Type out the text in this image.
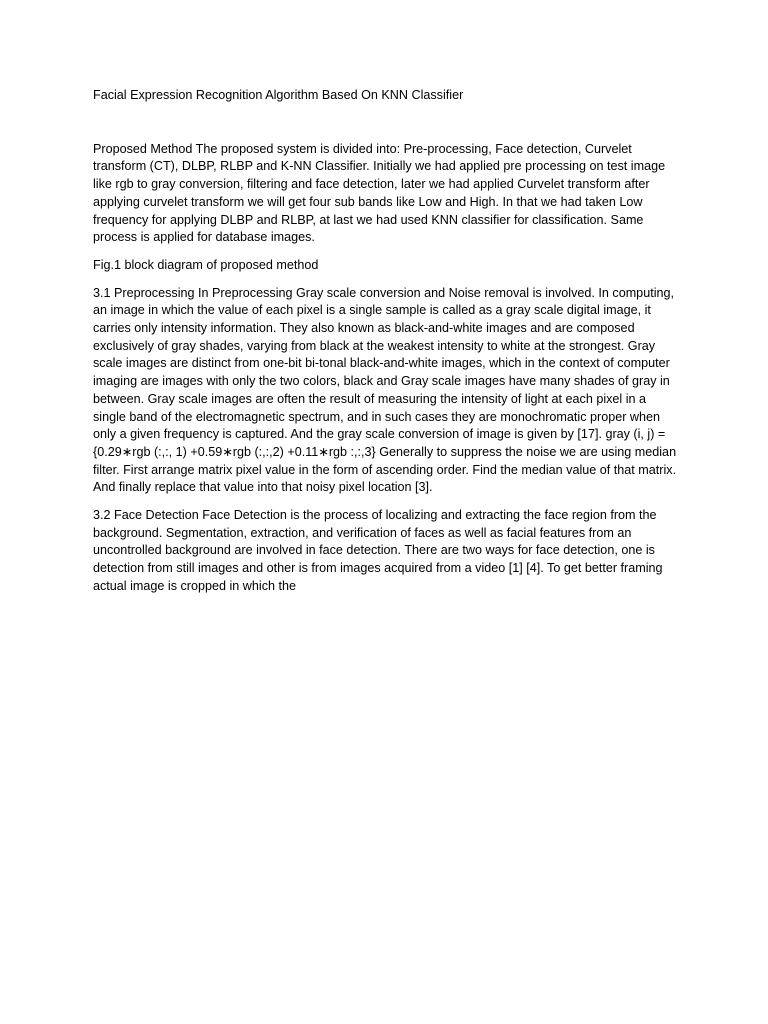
Facial Expression Recognition Algorithm Based On KNN Classifier

Proposed Method The proposed system is divided into: Pre-processing, Face detection, Curvelet transform (CT), DLBP, RLBP and K-NN Classifier. Initially we had applied pre processing on test image like rgb to gray conversion, filtering and face detection, later we had applied Curvelet transform after applying curvelet transform we will get four sub bands like Low and High. In that we had taken Low frequency for applying DLBP and RLBP, at last we had used KNN classifier for classification. Same process is applied for database images.

Fig.1 block diagram of proposed method

3.1 Preprocessing In Preprocessing Gray scale conversion and Noise removal is involved. In computing, an image in which the value of each pixel is a single sample is called as a gray scale digital image, it carries only intensity information. They also known as black-and-white images and are composed exclusively of gray shades, varying from black at the weakest intensity to white at the strongest. Gray scale images are distinct from one-bit bi-tonal black-and-white images, which in the context of computer imaging are images with only the two colors, black and Gray scale images have many shades of gray in between. Gray scale images are often the result of measuring the intensity of light at each pixel in a single band of the electromagnetic spectrum, and in such cases they are monochromatic proper when only a given frequency is captured. And the gray scale conversion of image is given by [17]. gray (i, j) = {0.29∗rgb (:,:, 1) +0.59∗rgb (:,:,2) +0.11∗rgb :,:,3} Generally to suppress the noise we are using median filter. First arrange matrix pixel value in the form of ascending order. Find the median value of that matrix. And finally replace that value into that noisy pixel location [3].

3.2 Face Detection Face Detection is the process of localizing and extracting the face region from the background. Segmentation, extraction, and verification of faces as well as facial features from an uncontrolled background are involved in face detection. There are two ways for face detection, one is detection from still images and other is from images acquired from a video [1] [4]. To get better framing actual image is cropped in which the
